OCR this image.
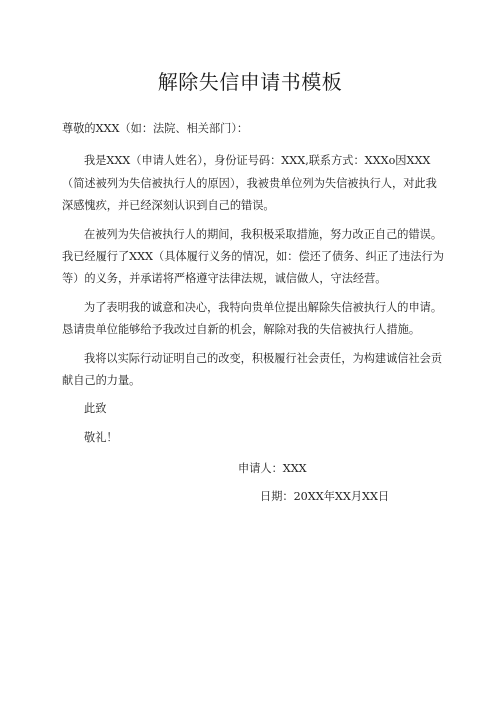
解除失信申请书模板

尊敬的XXX（如：法院、相关部门）：

我是XXX（申请人姓名），身份证号码：XXX,联系方式：XXXo因XXX（简述被列为失信被执行人的原因），我被贵单位列为失信被执行人，对此我深感愧疚，并已经深刻认识到自己的错误。

在被列为失信被执行人的期间，我积极采取措施，努力改正自己的错误。我已经履行了XXX（具体履行义务的情况，如：偿还了债务、纠正了违法行为等）的义务，并承诺将严格遵守法律法规，诚信做人，守法经营。

为了表明我的诚意和决心，我特向贵单位提出解除失信被执行人的申请。恳请贵单位能够给予我改过自新的机会，解除对我的失信被执行人措施。

我将以实际行动证明自己的改变，积极履行社会责任，为构建诚信社会贡献自己的力量。

此致

敬礼！

申请人：XXX
日期：20XX年XX月XX日
